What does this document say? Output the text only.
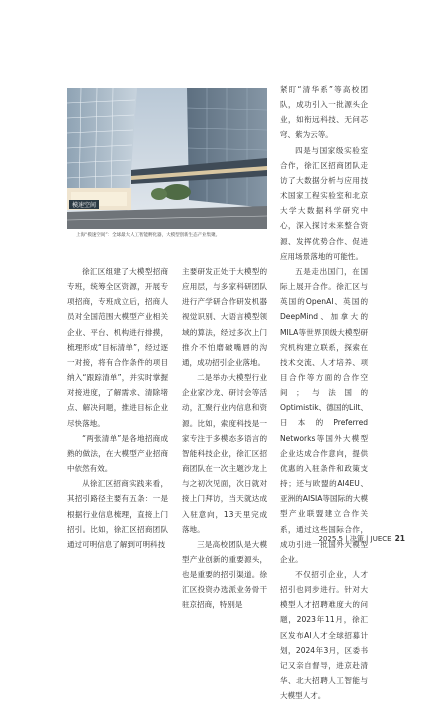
模速空间
上海“模速空间”：全球最大人工智能孵化器，大模型创新生态产业集聚。

徐汇区组建了大模型招商专班，统筹全区资源，开展专项招商，专班成立后，招商人员对全国范围大模型产业相关企业、平台、机构进行排摸，梳理形成“目标清单”，经过逐一对接，将有合作条件的项目纳入“跟踪清单”，并实时掌握对接进度，了解需求、清除堵点、解决问题，推进目标企业尽快落地。

“两张清单”是各地招商成熟的做法，在大模型产业招商中依然有效。

从徐汇区招商实践来看，其招引路径主要有五条：一是根据行业信息梳理，直接上门招引。比如，徐汇区招商团队通过可明信息了解到可明科技

主要研发正处于大模型的应用层，与多家科研团队进行产学研合作研发机器视觉识别、大语言模型领域的算法，经过多次上门推介不怕磨破嘴唇的沟通，成功招引企业落地。

二是举办大模型行业企业家沙龙、研讨会等活动，汇聚行业内信息和资源。比如，索度科技是一家专注于多模态多语言的智能科技企业，徐汇区招商团队在一次主题沙龙上与之初次见面，次日就对接上门拜访，当天就达成入驻意向，13天里完成落地。

三是高校团队是大模型产业创新的重要源头，也是重要的招引渠道。徐汇区投资办选派业务骨干驻京招商，特别是

紧盯“清华系”等高校团队，成功引入一批源头企业，如衔远科技、无问芯穹、紫为云等。

四是与国家级实验室合作，徐汇区招商团队走访了大数据分析与应用技术国家工程实验室和北京大学大数据科学研究中心，深入探讨未来整合资源、发挥优势合作、促进应用场景落地的可能性。

五是走出国门，在国际上展开合作。徐汇区与英国的OpenAI、英国的DeepMind、加拿大的MILA等世界顶级大模型研究机构建立联系，探索在技术交流、人才培养、项目合作等方面的合作空间；与法国的Optimistik、德国的Lilt、日本的Preferred Networks等国外大模型企业达成合作意向，提供优惠的入驻条件和政策支持；还与欧盟的AI4EU、亚洲的AISIA等国际的大模型产业联盟建立合作关系，通过这些国际合作，成功引进一批国外大模型企业。

不仅招引企业，人才招引也同步进行。针对大模型人才招聘难度大的问题，2023年11月，徐汇区发布AI人才全球招募计划，2024年3月，区委书记又亲自督导，进京赴清华、北大招聘人工智能与大模型人才。

2025.5 | 决策 | JUECE 21
